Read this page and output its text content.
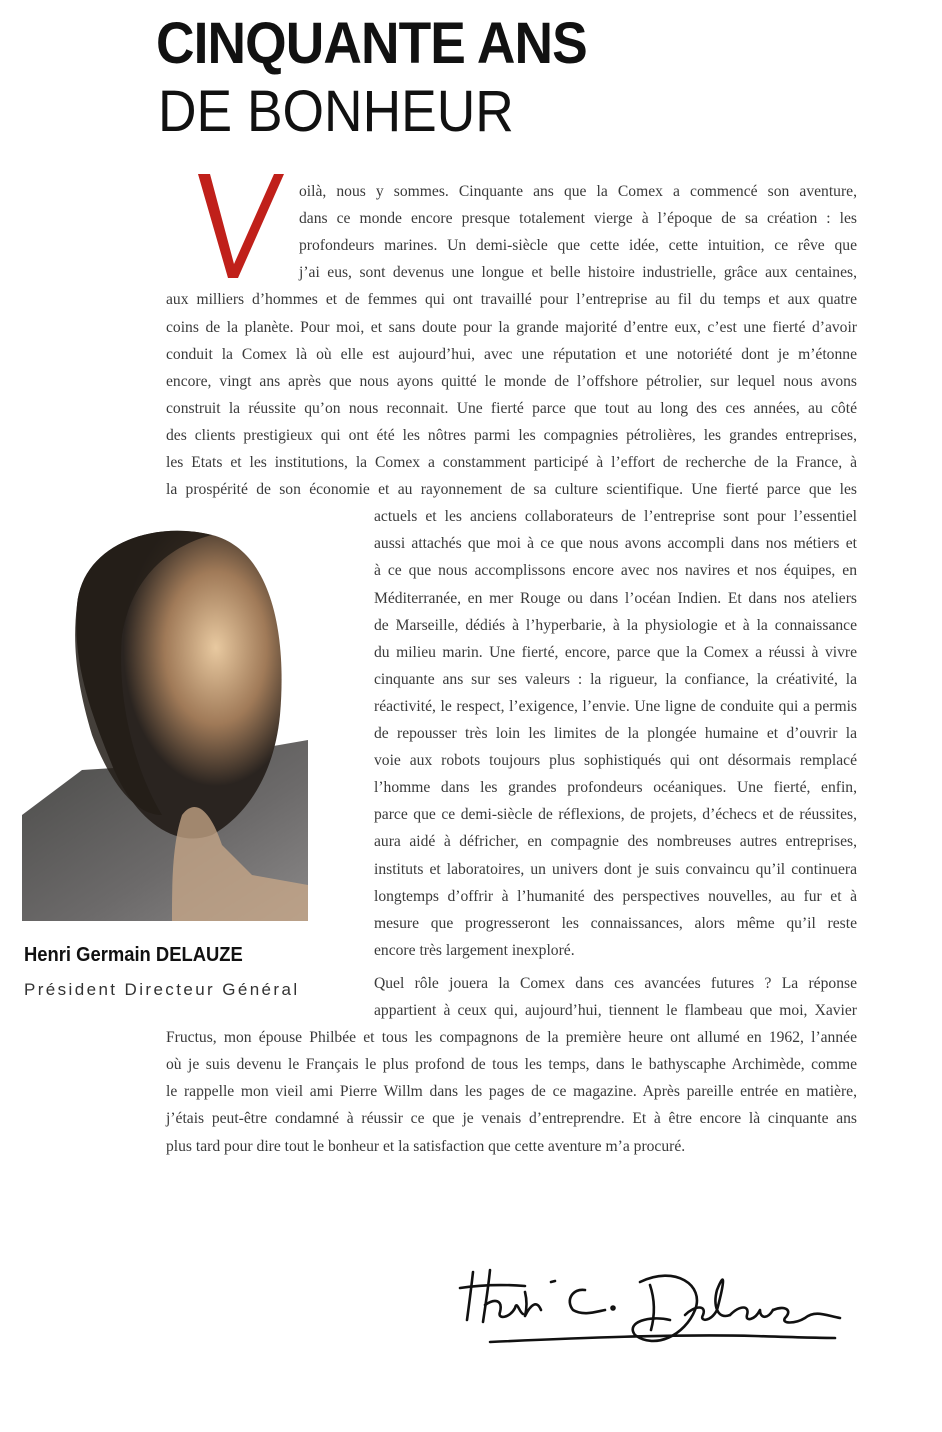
CINQUANTE ANS
DE BONHEUR
oilà, nous y sommes. Cinquante ans que la Comex a commencé son aventure,
dans ce monde encore presque totalement vierge à l’époque de sa création : les
profondeurs marines. Un demi-siècle que cette idée, cette intuition, ce rêve que
j’ai eus, sont devenus une longue et belle histoire industrielle, grâce aux centaines,
aux milliers d’hommes et de femmes qui ont travaillé pour l’entreprise au fil du temps et aux quatre
coins de la planète. Pour moi, et sans doute pour la grande majorité d’entre eux, c’est une fierté d’avoir
conduit la Comex là où elle est aujourd’hui, avec une réputation et une notoriété dont je m’étonne
encore, vingt ans après que nous ayons quitté le monde de l’offshore pétrolier, sur lequel nous avons
construit la réussite qu’on nous reconnait. Une fierté parce que tout au long des ces années, au côté
des clients prestigieux qui ont été les nôtres parmi les compagnies pétrolières, les grandes entreprises,
les Etats et les institutions, la Comex a constamment participé à l’effort de recherche de la France, à
la prospérité de son économie et au rayonnement de sa culture scientifique. Une fierté parce que les
actuels et les anciens collaborateurs de l’entreprise sont pour l’essentiel
aussi attachés que moi à ce que nous avons accompli dans nos métiers et
à ce que nous accomplissons encore avec nos navires et nos équipes, en
Méditerranée, en mer Rouge ou dans l’océan Indien. Et dans nos ateliers
de Marseille, dédiés à l’hyperbarie, à la physiologie et à la connaissance
du milieu marin. Une fierté, encore, parce que la Comex a réussi à vivre
cinquante ans sur ses valeurs : la rigueur, la confiance, la créativité, la
réactivité, le respect, l’exigence, l’envie. Une ligne de conduite qui a permis
de repousser très loin les limites de la plongée humaine et d’ouvrir la
voie aux robots toujours plus sophistiqués qui ont désormais remplacé
l’homme dans les grandes profondeurs océaniques. Une fierté, enfin,
parce que ce demi-siècle de réflexions, de projets, d’échecs et de réussites,
aura aidé à défricher, en compagnie des nombreuses autres entreprises,
instituts et laboratoires, un univers dont je suis convaincu qu’il continuera
longtemps d’offrir à l’humanité des perspectives nouvelles, au fur et à
mesure que progresseront les connaissances, alors même qu’il reste
encore très largement inexploré.
Quel rôle jouera la Comex dans ces avancées futures ? La réponse
appartient à ceux qui, aujourd’hui, tiennent le flambeau que moi, Xavier
Fructus, mon épouse Philbée et tous les compagnons de la première heure ont allumé en 1962, l’année
où je suis devenu le Français le plus profond de tous les temps, dans le bathyscaphe Archimède, comme
le rappelle mon vieil ami Pierre Willm dans les pages de ce magazine. Après pareille entrée en matière,
j’étais peut-être condamné à réussir ce que je venais d’entreprendre. Et à être encore là cinquante ans
plus tard pour dire tout le bonheur et la satisfaction que cette aventure m’a procuré.
Henri Germain DELAUZE
Président Directeur Général
